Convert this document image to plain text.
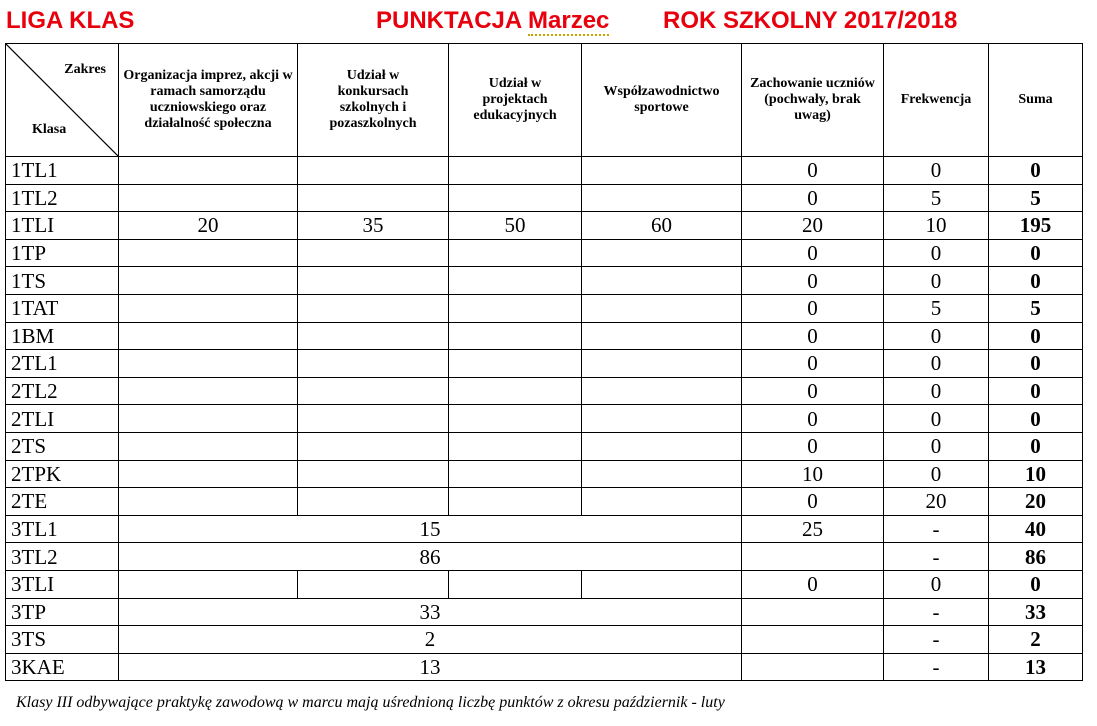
LIGA KLAS	PUNKTACJA Marzec ROK SZKOLNY 2017/2018
Zakres
Klasa	Organizacja imprez, akcji w ramach samorządu uczniowskiego oraz działalność społeczna	Udział w konkursach szkolnych i pozaszkolnych	Udział w projektach edukacyjnych	Współzawodnictwo sportowe	Zachowanie uczniów (pochwały, brak uwag)	Frekwencja	Suma
1TL1					0	0	0
1TL2					0	5	5
1TLI	20	35	50	60	20	10	195
1TP					0	0	0
1TS					0	0	0
1TAT					0	5	5
1BM					0	0	0
2TL1					0	0	0
2TL2					0	0	0
2TLI					0	0	0
2TS					0	0	0
2TPK					10	0	10
2TE					0	20	20
3TL1	15				25	-	40
3TL2	86					-	86
3TLI					0	0	0
3TP	33					-	33
3TS	2					-	2
3KAE	13					-	13
Klasy III odbywające praktykę zawodową w marcu mają uśrednioną liczbę punktów z okresu październik - luty
